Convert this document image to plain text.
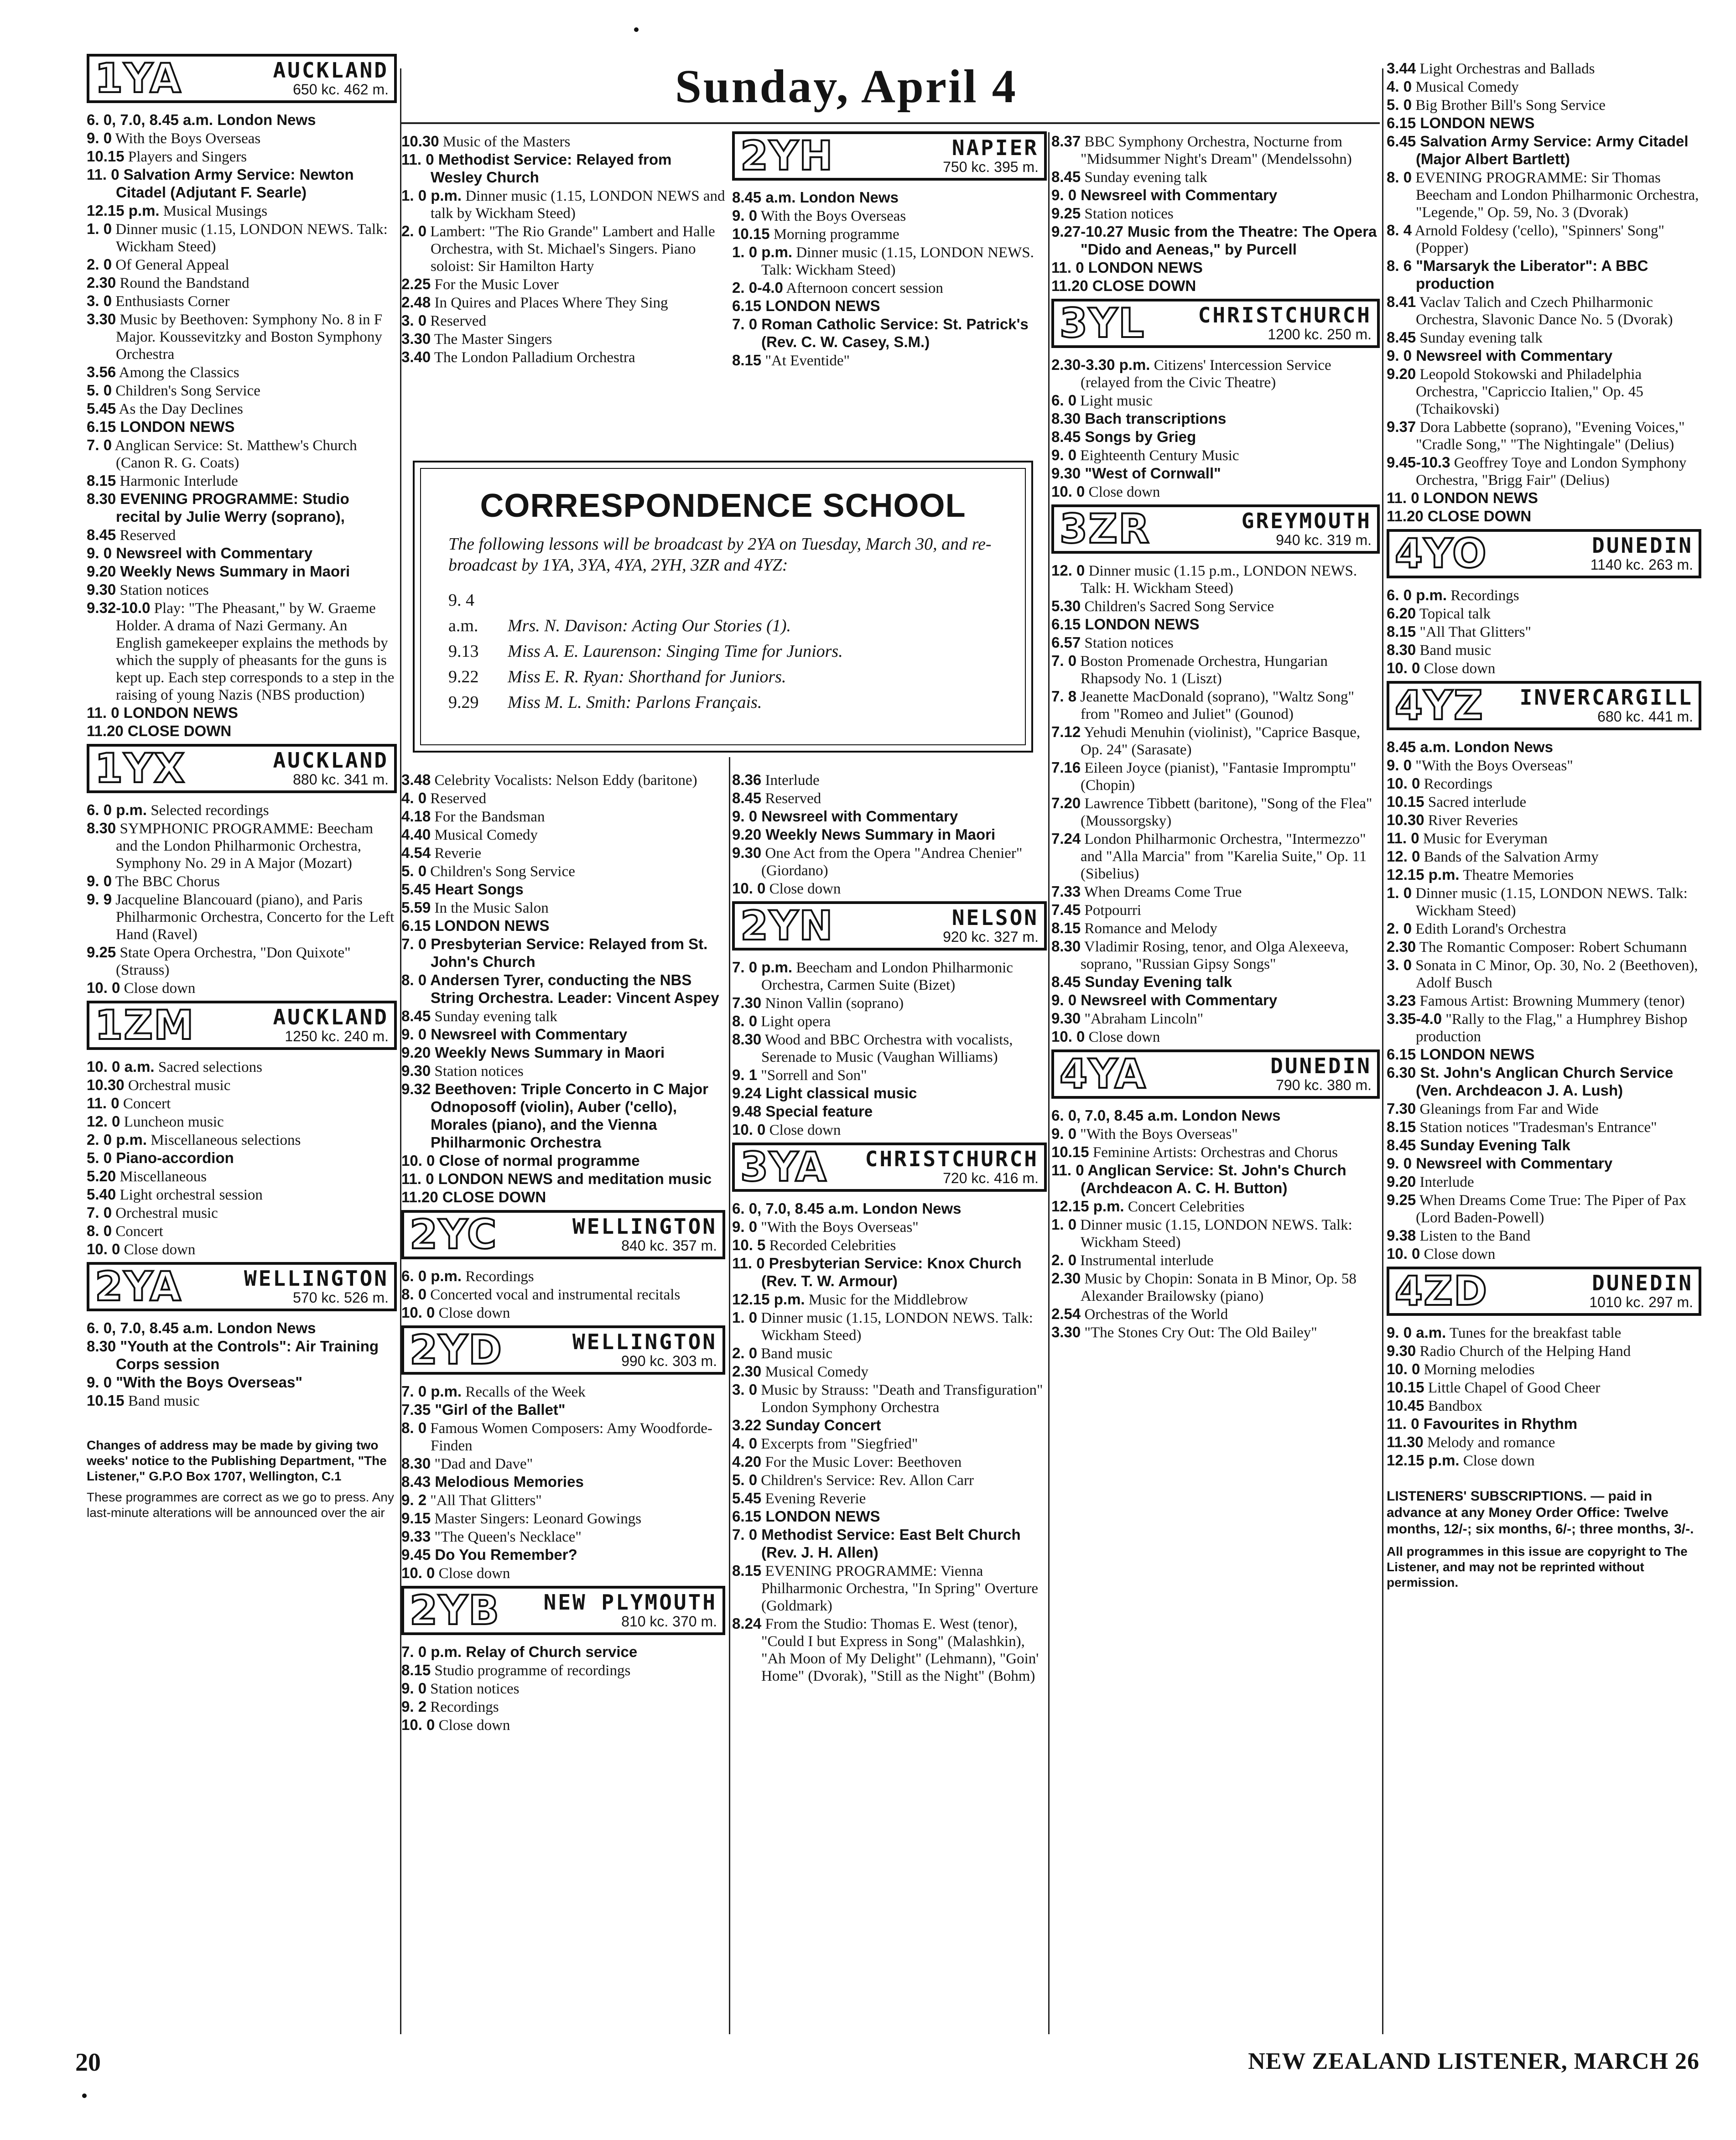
Sunday, April 4
1YA	AUCKLAND
650 kc. 462 m.
6. 0, 7.0, 8.45 a.m. London News
9. 0 With the Boys Overseas
10.15 Players and Singers
11. 0 Salvation Army Service: Newton Citadel (Adjutant F. Searle)
12.15 p.m. Musical Musings
1. 0 Dinner music (1.15, LONDON NEWS. Talk: Wickham Steed)
2. 0 Of General Appeal
2.30 Round the Bandstand
3. 0 Enthusiasts Corner
3.30 Music by Beethoven: Symphony No. 8 in F Major. Koussevitzky and Boston Symphony Orchestra
3.56 Among the Classics
5. 0 Children's Song Service
5.45 As the Day Declines
6.15 LONDON NEWS
7. 0 Anglican Service: St. Matthew's Church (Canon R. G. Coats)
8.15 Harmonic Interlude
8.30 EVENING PROGRAMME: Studio recital by Julie Werry (soprano),
8.45 Reserved
9. 0 Newsreel with Commentary
9.20 Weekly News Summary in Maori
9.30 Station notices
9.32-10.0 Play: "The Pheasant," by W. Graeme Holder. A drama of Nazi Germany. An English gamekeeper explains the methods by which the supply of pheasants for the guns is kept up. Each step corresponds to a step in the raising of young Nazis (NBS production)
11. 0 LONDON NEWS
11.20 CLOSE DOWN
1YX	AUCKLAND
880 kc. 341 m.
6. 0 p.m. Selected recordings
8.30 SYMPHONIC PROGRAMME: Beecham and the London Philharmonic Orchestra, Symphony No. 29 in A Major (Mozart)
9. 0 The BBC Chorus
9. 9 Jacqueline Blancouard (piano), and Paris Philharmonic Orchestra, Concerto for the Left Hand (Ravel)
9.25 State Opera Orchestra, "Don Quixote" (Strauss)
10. 0 Close down
1ZM	AUCKLAND
1250 kc. 240 m.
10. 0 a.m. Sacred selections
10.30 Orchestral music
11. 0 Concert
12. 0 Luncheon music
2. 0 p.m. Miscellaneous selections
5. 0 Piano-accordion
5.20 Miscellaneous
5.40 Light orchestral session
7. 0 Orchestral music
8. 0 Concert
10. 0 Close down
2YA	WELLINGTON
570 kc. 526 m.
6. 0, 7.0, 8.45 a.m. London News
8.30 "Youth at the Controls": Air Training Corps session
9. 0 "With the Boys Overseas"
10.15 Band music
Changes of address may be made by giving two weeks' notice to the Publishing Department, "The Listener," G.P.O Box 1707, Wellington, C.1
These programmes are correct as we go to press. Any last-minute alterations will be announced over the air
10.30 Music of the Masters
11. 0 Methodist Service: Relayed from Wesley Church
1. 0 p.m. Dinner music (1.15, LONDON NEWS and talk by Wickham Steed)
2. 0 Lambert: "The Rio Grande" Lambert and Halle Orchestra, with St. Michael's Singers. Piano soloist: Sir Hamilton Harty
2.25 For the Music Lover
2.48 In Quires and Places Where They Sing
3. 0 Reserved
3.30 The Master Singers
3.40 The London Palladium Orchestra
2YH	NAPIER
750 kc. 395 m.
8.45 a.m. London News
9. 0 With the Boys Overseas
10.15 Morning programme
1. 0 p.m. Dinner music (1.15, LONDON NEWS. Talk: Wickham Steed)
2. 0-4.0 Afternoon concert session
6.15 LONDON NEWS
7. 0 Roman Catholic Service: St. Patrick's (Rev. C. W. Casey, S.M.)
8.15 "At Eventide"
CORRESPONDENCE SCHOOL

The following lessons will be broadcast by 2YA on Tuesday, March 30, and re-broadcast by 1YA, 3YA, 4YA, 2YH, 3ZR and 4YZ:

9. 4 a.m. Mrs. N. Davison: Acting Our Stories (1).
9.13 Miss A. E. Laurenson: Singing Time for Juniors.
9.22 Miss E. R. Ryan: Shorthand for Juniors.
9.29 Miss M. L. Smith: Parlons Français.
3.48 Celebrity Vocalists: Nelson Eddy (baritone)
4. 0 Reserved
4.18 For the Bandsman
4.40 Musical Comedy
4.54 Reverie
5. 0 Children's Song Service
5.45 Heart Songs
5.59 In the Music Salon
6.15 LONDON NEWS
7. 0 Presbyterian Service: Relayed from St. John's Church
8. 0 Andersen Tyrer, conducting the NBS String Orchestra. Leader: Vincent Aspey
8.45 Sunday evening talk
9. 0 Newsreel with Commentary
9.20 Weekly News Summary in Maori
9.30 Station notices
9.32 Beethoven: Triple Concerto in C Major Odnoposoff (violin), Auber ('cello), Morales (piano), and the Vienna Philharmonic Orchestra
10. 0 Close of normal programme
11. 0 LONDON NEWS and meditation music
11.20 CLOSE DOWN
2YC	WELLINGTON
840 kc. 357 m.
6. 0 p.m. Recordings
8. 0 Concerted vocal and instrumental recitals
10. 0 Close down
2YD	WELLINGTON
990 kc. 303 m.
7. 0 p.m. Recalls of the Week
7.35 "Girl of the Ballet"
8. 0 Famous Women Composers: Amy Woodforde-Finden
8.30 "Dad and Dave"
8.43 Melodious Memories
9. 2 "All That Glitters"
9.15 Master Singers: Leonard Gowings
9.33 "The Queen's Necklace"
9.45 Do You Remember?
10. 0 Close down
2YB	NEW PLYMOUTH
810 kc. 370 m.
7. 0 p.m. Relay of Church service
8.15 Studio programme of recordings
9. 0 Station notices
9. 2 Recordings
10. 0 Close down
8.36 Interlude
8.45 Reserved
9. 0 Newsreel with Commentary
9.20 Weekly News Summary in Maori
9.30 One Act from the Opera "Andrea Chenier" (Giordano)
10. 0 Close down
2YN	NELSON
920 kc. 327 m.
7. 0 p.m. Beecham and London Philharmonic Orchestra, Carmen Suite (Bizet)
7.30 Ninon Vallin (soprano)
8. 0 Light opera
8.30 Wood and BBC Orchestra with vocalists, Serenade to Music (Vaughan Williams)
9. 1 "Sorrell and Son"
9.24 Light classical music
9.48 Special feature
10. 0 Close down
3YA	CHRISTCHURCH
720 kc. 416 m.
6. 0, 7.0, 8.45 a.m. London News
9. 0 "With the Boys Overseas"
10. 5 Recorded Celebrities
11. 0 Presbyterian Service: Knox Church (Rev. T. W. Armour)
12.15 p.m. Music for the Middlebrow
1. 0 Dinner music (1.15, LONDON NEWS. Talk: Wickham Steed)
2. 0 Band music
2.30 Musical Comedy
3. 0 Music by Strauss: "Death and Transfiguration" London Symphony Orchestra
3.22 Sunday Concert
4. 0 Excerpts from "Siegfried"
4.20 For the Music Lover: Beethoven
5. 0 Children's Service: Rev. Allon Carr
5.45 Evening Reverie
6.15 LONDON NEWS
7. 0 Methodist Service: East Belt Church (Rev. J. H. Allen)
8.15 EVENING PROGRAMME: Vienna Philharmonic Orchestra, "In Spring" Overture (Goldmark)
8.24 From the Studio: Thomas E. West (tenor), "Could I but Express in Song" (Malashkin), "Ah Moon of My Delight" (Lehmann), "Goin' Home" (Dvorak), "Still as the Night" (Bohm)
8.37 BBC Symphony Orchestra, Nocturne from "Midsummer Night's Dream" (Mendelssohn)
8.45 Sunday evening talk
9. 0 Newsreel with Commentary
9.25 Station notices
9.27-10.27 Music from the Theatre: The Opera "Dido and Aeneas," by Purcell
11. 0 LONDON NEWS
11.20 CLOSE DOWN
3YL	CHRISTCHURCH
1200 kc. 250 m.
2.30-3.30 p.m. Citizens' Intercession Service (relayed from the Civic Theatre)
6. 0 Light music
8.30 Bach transcriptions
8.45 Songs by Grieg
9. 0 Eighteenth Century Music
9.30 "West of Cornwall"
10. 0 Close down
3ZR	GREYMOUTH
940 kc. 319 m.
12. 0 Dinner music (1.15 p.m., LONDON NEWS. Talk: H. Wickham Steed)
5.30 Children's Sacred Song Service
6.15 LONDON NEWS
6.57 Station notices
7. 0 Boston Promenade Orchestra, Hungarian Rhapsody No. 1 (Liszt)
7. 8 Jeanette MacDonald (soprano), "Waltz Song" from "Romeo and Juliet" (Gounod)
7.12 Yehudi Menuhin (violinist), "Caprice Basque, Op. 24" (Sarasate)
7.16 Eileen Joyce (pianist), "Fantasie Impromptu" (Chopin)
7.20 Lawrence Tibbett (baritone), "Song of the Flea" (Moussorgsky)
7.24 London Philharmonic Orchestra, "Intermezzo" and "Alla Marcia" from "Karelia Suite," Op. 11 (Sibelius)
7.33 When Dreams Come True
7.45 Potpourri
8.15 Romance and Melody
8.30 Vladimir Rosing, tenor, and Olga Alexeeva, soprano, "Russian Gipsy Songs"
8.45 Sunday Evening talk
9. 0 Newsreel with Commentary
9.30 "Abraham Lincoln"
10. 0 Close down
4YA	DUNEDIN
790 kc. 380 m.
6. 0, 7.0, 8.45 a.m. London News
9. 0 "With the Boys Overseas"
10.15 Feminine Artists: Orchestras and Chorus
11. 0 Anglican Service: St. John's Church (Archdeacon A. C. H. Button)
12.15 p.m. Concert Celebrities
1. 0 Dinner music (1.15, LONDON NEWS. Talk: Wickham Steed)
2. 0 Instrumental interlude
2.30 Music by Chopin: Sonata in B Minor, Op. 58 Alexander Brailowsky (piano)
2.54 Orchestras of the World
3.30 "The Stones Cry Out: The Old Bailey"
3.44 Light Orchestras and Ballads
4. 0 Musical Comedy
5. 0 Big Brother Bill's Song Service
6.15 LONDON NEWS
6.45 Salvation Army Service: Army Citadel (Major Albert Bartlett)
8. 0 EVENING PROGRAMME: Sir Thomas Beecham and London Philharmonic Orchestra, "Legende," Op. 59, No. 3 (Dvorak)
8. 4 Arnold Foldesy ('cello), "Spinners' Song" (Popper)
8. 6 "Marsaryk the Liberator": A BBC production
8.41 Vaclav Talich and Czech Philharmonic Orchestra, Slavonic Dance No. 5 (Dvorak)
8.45 Sunday evening talk
9. 0 Newsreel with Commentary
9.20 Leopold Stokowski and Philadelphia Orchestra, "Capriccio Italien," Op. 45 (Tchaikovski)
9.37 Dora Labbette (soprano), "Evening Voices," "Cradle Song," "The Nightingale" (Delius)
9.45-10.3 Geoffrey Toye and London Symphony Orchestra, "Brigg Fair" (Delius)
11. 0 LONDON NEWS
11.20 CLOSE DOWN
4YO	DUNEDIN
1140 kc. 263 m.
6. 0 p.m. Recordings
6.20 Topical talk
8.15 "All That Glitters"
8.30 Band music
10. 0 Close down
4YZ	INVERCARGILL
680 kc. 441 m.
8.45 a.m. London News
9. 0 "With the Boys Overseas"
10. 0 Recordings
10.15 Sacred interlude
10.30 River Reveries
11. 0 Music for Everyman
12. 0 Bands of the Salvation Army
12.15 p.m. Theatre Memories
1. 0 Dinner music (1.15, LONDON NEWS. Talk: Wickham Steed)
2. 0 Edith Lorand's Orchestra
2.30 The Romantic Composer: Robert Schumann
3. 0 Sonata in C Minor, Op. 30, No. 2 (Beethoven), Adolf Busch
3.23 Famous Artist: Browning Mummery (tenor)
3.35-4.0 "Rally to the Flag," a Humphrey Bishop production
6.15 LONDON NEWS
6.30 St. John's Anglican Church Service (Ven. Archdeacon J. A. Lush)
7.30 Gleanings from Far and Wide
8.15 Station notices "Tradesman's Entrance"
8.45 Sunday Evening Talk
9. 0 Newsreel with Commentary
9.20 Interlude
9.25 When Dreams Come True: The Piper of Pax (Lord Baden-Powell)
9.38 Listen to the Band
10. 0 Close down
4ZD	DUNEDIN
1010 kc. 297 m.
9. 0 a.m. Tunes for the breakfast table
9.30 Radio Church of the Helping Hand
10. 0 Morning melodies
10.15 Little Chapel of Good Cheer
10.45 Bandbox
11. 0 Favourites in Rhythm
11.30 Melody and romance
12.15 p.m. Close down
LISTENERS' SUBSCRIPTIONS. — paid in advance at any Money Order Office: Twelve months, 12/-; six months, 6/-; three months, 3/-.
All programmes in this issue are copyright to The Listener, and may not be reprinted without permission.
20	NEW ZEALAND LISTENER, MARCH 26
